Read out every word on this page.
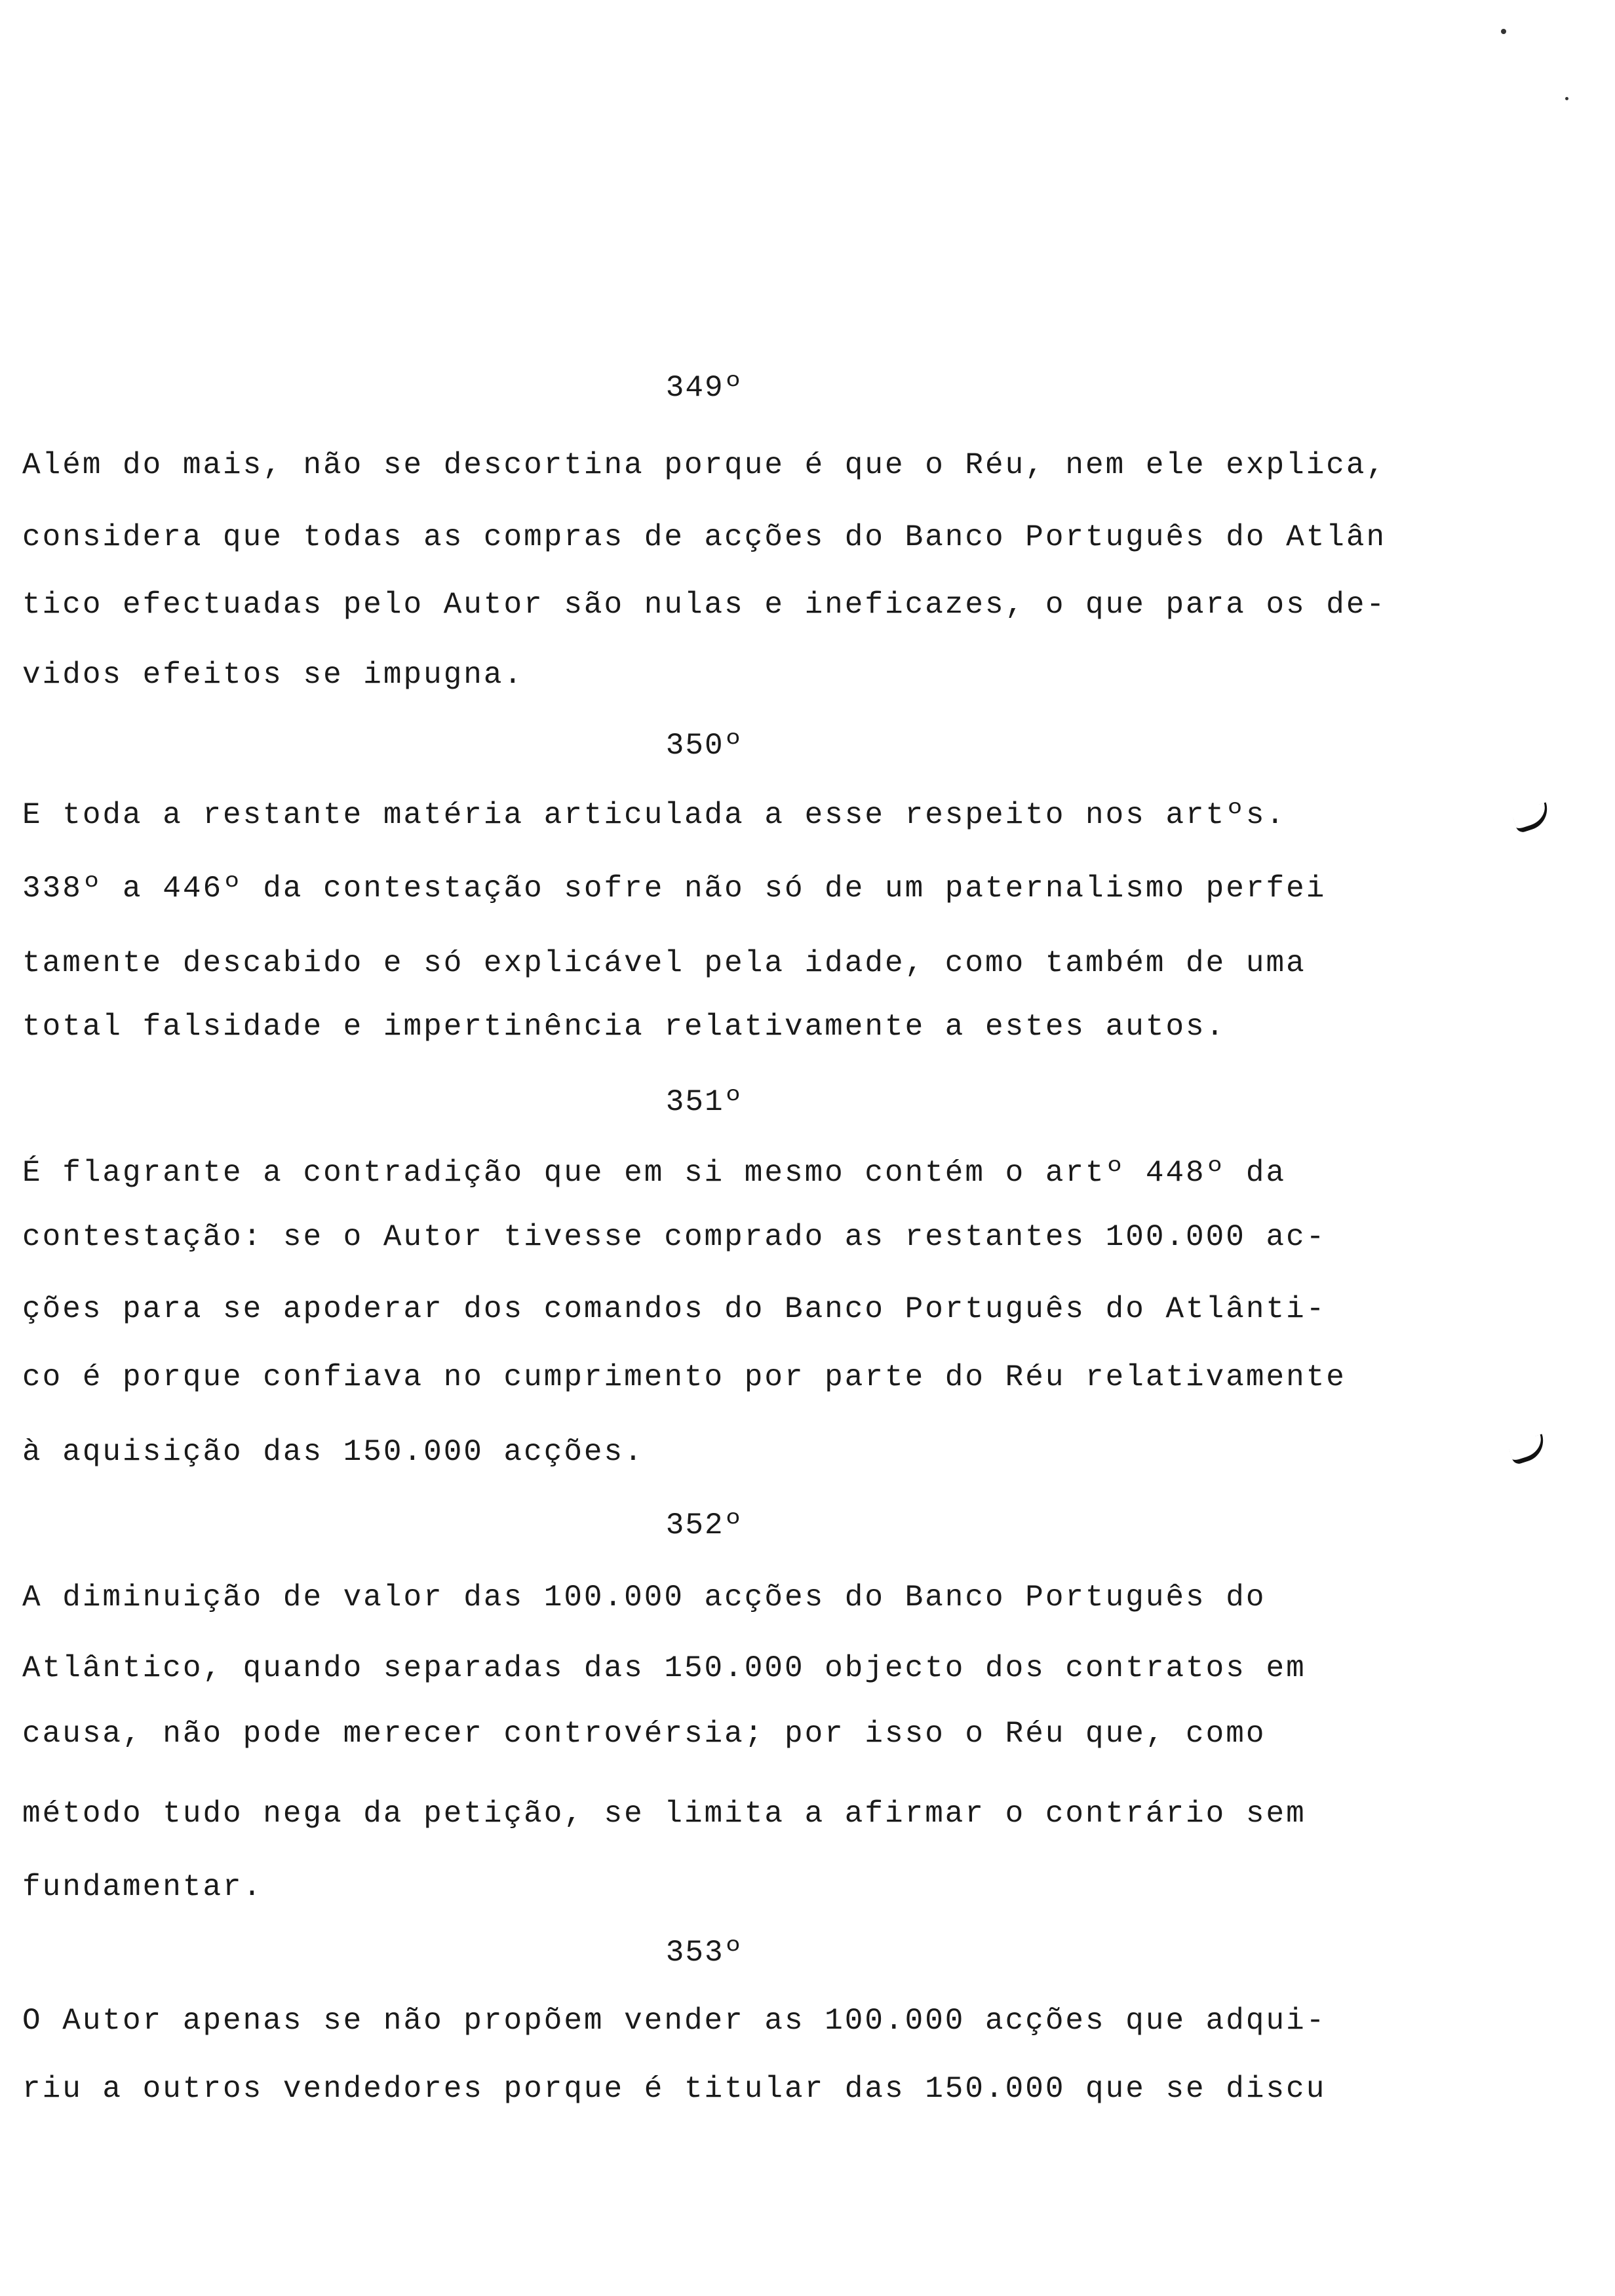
349º
Além do mais, não se descortina porque é que o Réu, nem ele explica,
considera que todas as compras de acções do Banco Português do Atlân
tico efectuadas pelo Autor são nulas e ineficazes, o que para os de-
vidos efeitos se impugna.
350º
E toda a restante matéria articulada a esse respeito nos artºs.
338º a 446º da contestação sofre não só de um paternalismo perfei
tamente descabido e só explicável pela idade, como também de uma
total falsidade e impertinência relativamente a estes autos.
351º
É flagrante a contradição que em si mesmo contém o artº 448º da
contestação: se o Autor tivesse comprado as restantes 100.000 ac-
ções para se apoderar dos comandos do Banco Português do Atlânti-
co é porque confiava no cumprimento por parte do Réu relativamente
à aquisição das 150.000 acções.
352º
A diminuição de valor das 100.000 acções do Banco Português do
Atlântico, quando separadas das 150.000 objecto dos contratos em
causa, não pode merecer controvérsia; por isso o Réu que, como
método tudo nega da petição, se limita a afirmar o contrário sem
fundamentar.
353º
O Autor apenas se não propõem vender as 100.000 acções que adqui-
riu a outros vendedores porque é titular das 150.000 que se discu
